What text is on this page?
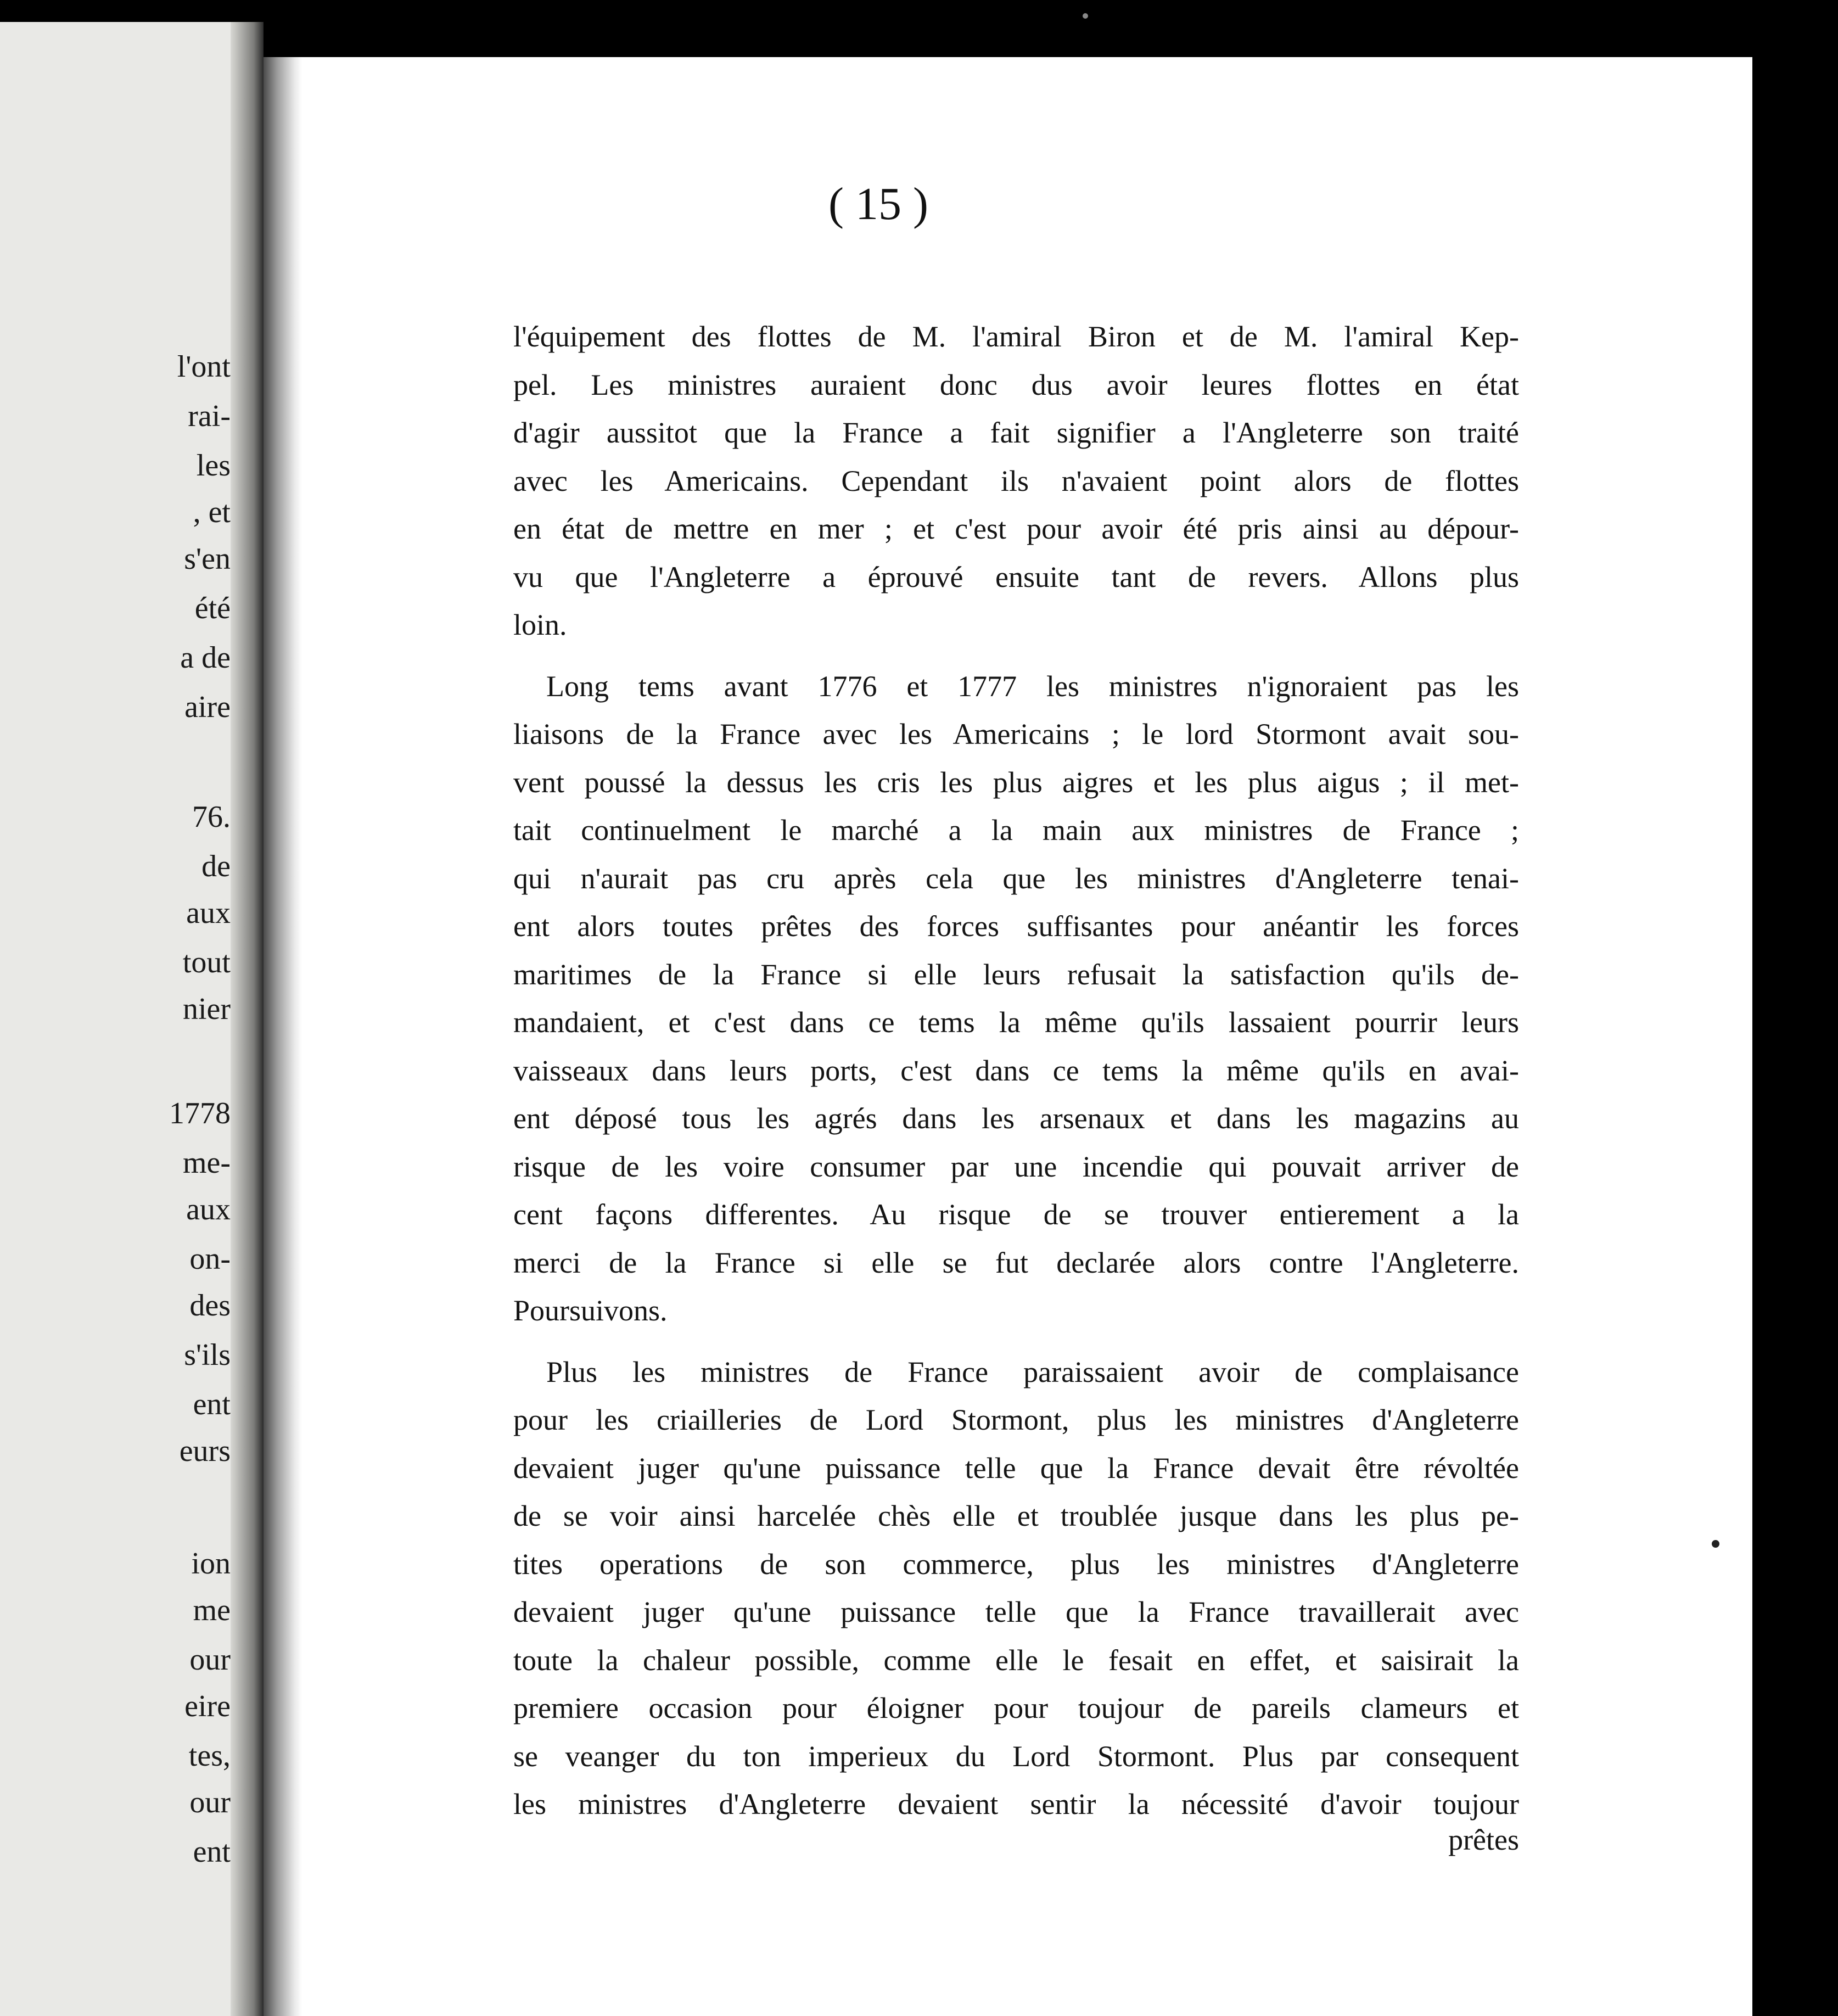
l'ont
rai-
les
, et
s'en
été
a de
aire
76.
de
aux
tout
nier
1778
me-
aux
on-
des
s'ils
ent
eurs
ion
me
our
eire
tes,
our
ent
( 15 )
l'équipement des flottes de M. l'amiral Biron et de M. l'amiral Kep-
pel. Les ministres auraient donc dus avoir leures flottes en état
d'agir aussitot que la France a fait signifier a l'Angleterre son traité
avec les Americains. Cependant ils n'avaient point alors de flottes
en état de mettre en mer ; et c'est pour avoir été pris ainsi au dépour-
vu que l'Angleterre a éprouvé ensuite tant de revers. Allons plus
loin.
Long tems avant 1776 et 1777 les ministres n'ignoraient pas les
liaisons de la France avec les Americains ; le lord Stormont avait sou-
vent poussé la dessus les cris les plus aigres et les plus aigus ; il met-
tait continuelment le marché a la main aux ministres de France ;
qui n'aurait pas cru après cela que les ministres d'Angleterre tenai-
ent alors toutes prêtes des forces suffisantes pour anéantir les forces
maritimes de la France si elle leurs refusait la satisfaction qu'ils de-
mandaient, et c'est dans ce tems la même qu'ils lassaient pourrir leurs
vaisseaux dans leurs ports, c'est dans ce tems la même qu'ils en avai-
ent déposé tous les agrés dans les arsenaux et dans les magazins au
risque de les voire consumer par une incendie qui pouvait arriver de
cent façons differentes. Au risque de se trouver entierement a la
merci de la France si elle se fut declarée alors contre l'Angleterre.
Poursuivons.
Plus les ministres de France paraissaient avoir de complaisance
pour les criailleries de Lord Stormont, plus les ministres d'Angleterre
devaient juger qu'une puissance telle que la France devait être révoltée
de se voir ainsi harcelée chès elle et troublée jusque dans les plus pe-
tites operations de son commerce, plus les ministres d'Angleterre
devaient juger qu'une puissance telle que la France travaillerait avec
toute la chaleur possible, comme elle le fesait en effet, et saisirait la
premiere occasion pour éloigner pour toujour de pareils clameurs et
se veanger du ton imperieux du Lord Stormont. Plus par consequent
les ministres d'Angleterre devaient sentir la nécessité d'avoir toujour
prêtes
